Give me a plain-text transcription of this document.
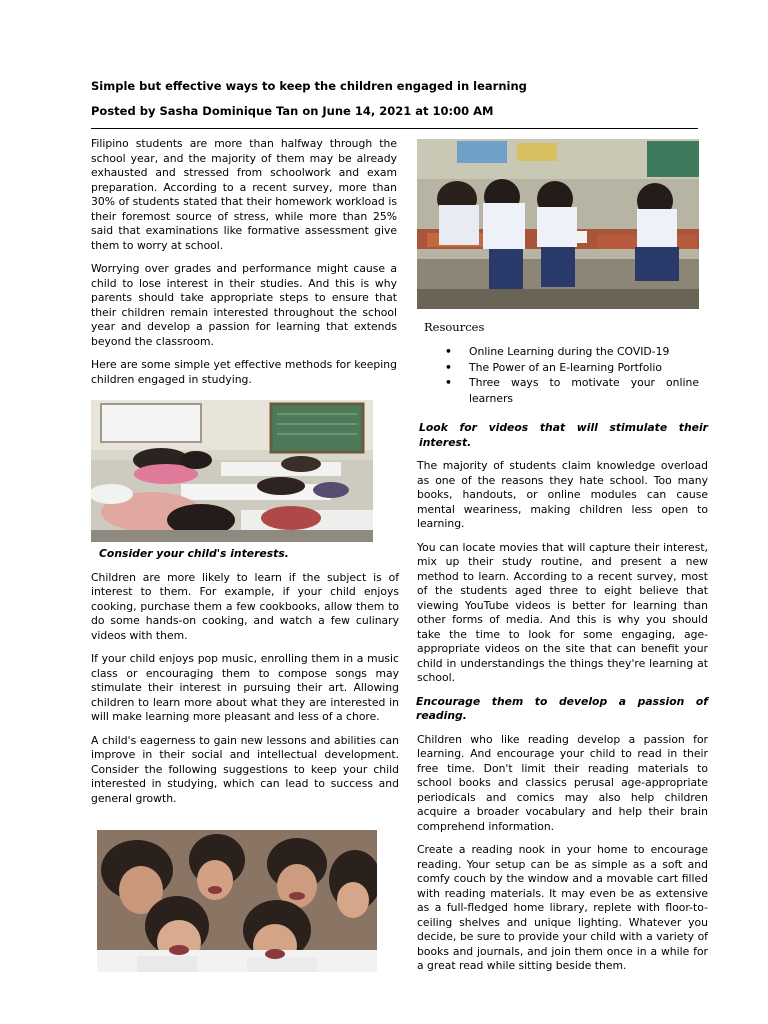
Simple but effective ways to keep the children engaged in learning
Posted by Sasha Dominique Tan on June 14, 2021 at 10:00 AM

Filipino students are more than halfway through the school year, and the majority of them may be already exhausted and stressed from schoolwork and exam preparation. According to a recent survey, more than 30% of students stated that their homework workload is their foremost source of stress, while more than 25% said that examinations like formative assessment give them to worry at school.

Worrying over grades and performance might cause a child to lose interest in their studies. And this is why parents should take appropriate steps to ensure that their children remain interested throughout the school year and develop a passion for learning that extends beyond the classroom.

Here are some simple yet effective methods for keeping children engaged in studying.

Consider your child's interests.

Children are more likely to learn if the subject is of interest to them. For example, if your child enjoys cooking, purchase them a few cookbooks, allow them to do some hands-on cooking, and watch a few culinary videos with them.

If your child enjoys pop music, enrolling them in a music class or encouraging them to compose songs may stimulate their interest in pursuing their art. Allowing children to learn more about what they are interested in will make learning more pleasant and less of a chore.

A child's eagerness to gain new lessons and abilities can improve in their social and intellectual development. Consider the following suggestions to keep your child interested in studying, which can lead to success and general growth.

Resources
• Online Learning during the COVID-19
• The Power of an E-learning Portfolio
• Three ways to motivate your online learners

Look for videos that will stimulate their interest.

The majority of students claim knowledge overload as one of the reasons they hate school. Too many books, handouts, or online modules can cause mental weariness, making children less open to learning.

You can locate movies that will capture their interest, mix up their study routine, and present a new method to learn. According to a recent survey, most of the students aged three to eight believe that viewing YouTube videos is better for learning than other forms of media. And this is why you should take the time to look for some engaging, age-appropriate videos on the site that can benefit your child in understandings the things they're learning at school.

Encourage them to develop a passion of reading.

Children who like reading develop a passion for learning. And encourage your child to read in their free time. Don't limit their reading materials to school books and classics perusal age-appropriate periodicals and comics may also help children acquire a broader vocabulary and help their brain comprehend information.

Create a reading nook in your home to encourage reading. Your setup can be as simple as a soft and comfy couch by the window and a movable cart filled with reading materials. It may even be as extensive as a full-fledged home library, replete with floor-to-ceiling shelves and unique lighting. Whatever you decide, be sure to provide your child with a variety of books and journals, and join them once in a while for a great read while sitting beside them.
